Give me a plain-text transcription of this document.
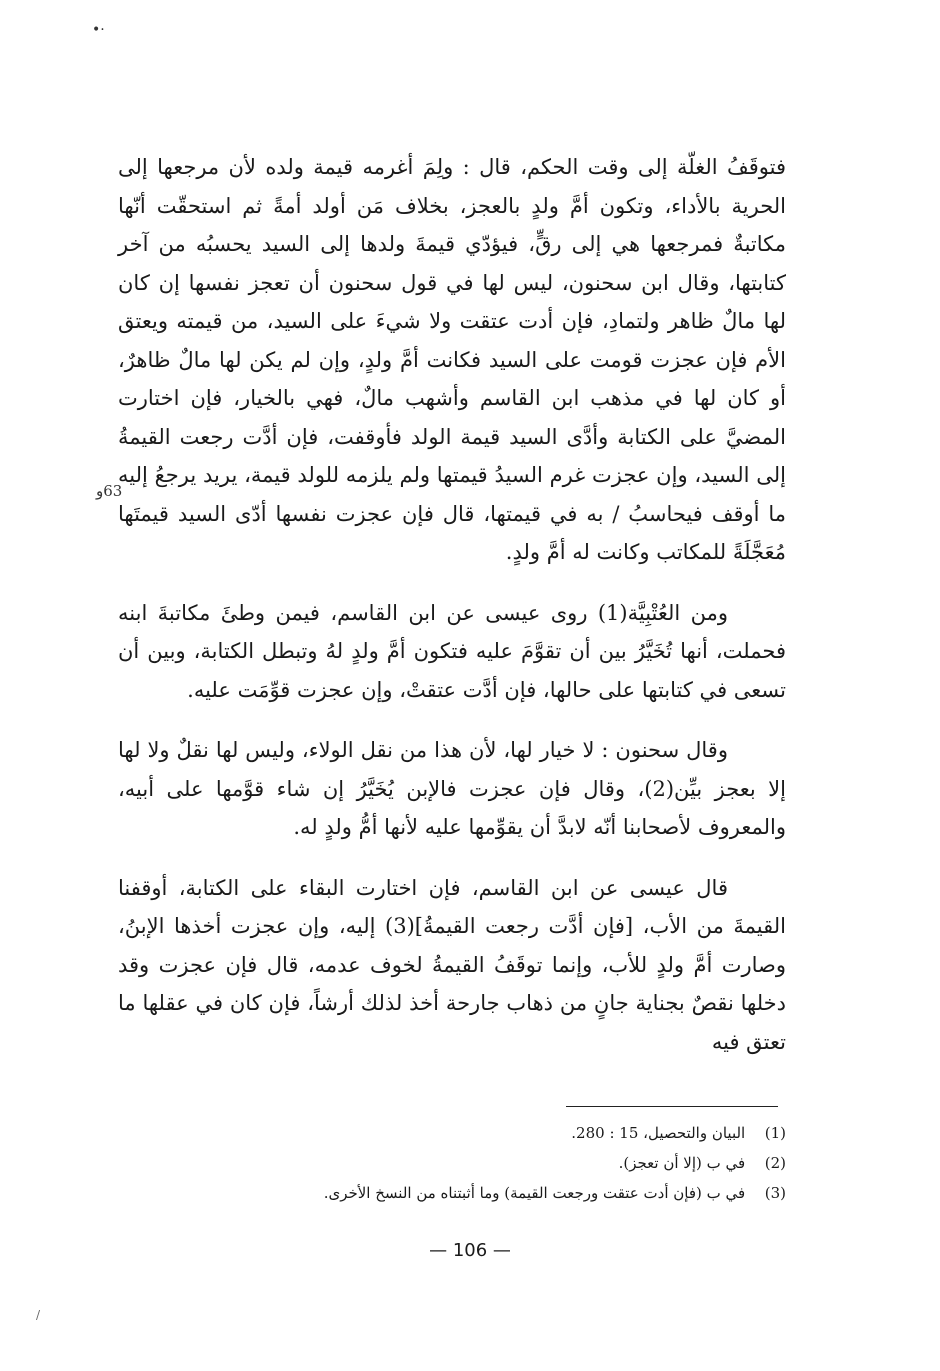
•·

فتوقَفُ الغلّة إلى وقت الحكم، قال : ولِمَ أغرمه قيمة ولده لأن مرجعها إلى الحرية بالأداء، وتكون أمَّ ولدٍ بالعجز، بخلاف مَن أولد أمةً ثم استحقّت أنّها مكاتبةٌ فمرجعها هي إلى رقٍّ، فيؤدّي قيمةَ ولدها إلى السيد يحسبُه من آخر كتابتها، وقال ابن سحنون، ليس لها في قول سحنون أن تعجز نفسها إن كان لها مالٌ ظاهر ولتمادِ، فإن أدت عتقت ولا شيءَ على السيد، من قيمته ويعتق الأم فإن عجزت قومت على السيد فكانت أمَّ ولدٍ، وإن لم يكن لها مالٌ ظاهرٌ، أو كان لها في مذهب ابن القاسم وأشهب مالٌ، فهي بالخيار، فإن اختارت المضيَّ على الكتابة وأدَّى السيد قيمة الولد فأوقفت، فإن أدَّت رجعت القيمةُ إلى السيد، وإن عجزت غرم السيدُ قيمتها ولم يلزمه للولد قيمة، يريد يرجعُ إليه ما أوقف فيحاسبُ / به في قيمتها، قال فإن عجزت نفسها أدّى السيد قيمتَها مُعَجَّلَةً للمكاتب وكانت له أمَّ ولدٍ.

ومن العُتْبِيَّة(1) روى عيسى عن ابن القاسم، فيمن وطئَ مكاتبةَ ابنه فحملت، أنها تُخَيَّرُ بين أن تقوَّمَ عليه فتكون أمَّ ولدٍ لهُ وتبطل الكتابة، وبين أن تسعى في كتابتها على حالها، فإن أدَّت عتقتْ، وإن عجزت قوِّمَت عليه.

وقال سحنون : لا خيار لها، لأن هذا من نقل الولاء، وليس لها نقلٌ ولا لها إلا بعجز بيِّن(2)، وقال فإن عجزت فالإبن يُخَيَّرُ إن شاء قوَّمها على أبيه، والمعروف لأصحابنا أنّه لابدَّ أن يقوِّمها عليه لأنها أمُّ ولدٍ له.

قال عيسى عن ابن القاسم، فإن اختارت البقاء على الكتابة، أوقفنا القيمةَ من الأب، [فإن أدَّت رجعت القيمةُ](3) إليه، وإن عجزت أخذها الإبنُ، وصارت أمَّ ولدٍ للأب، وإنما توقَفُ القيمةُ لخوف عدمه، قال فإن عجزت وقد دخلها نقصٌ بجناية جانٍ من ذهاب جارحة أخذ لذلك أرشاً، فإن كان في عقلها ما تعتق فيه

63و
(1) البيان والتحصيل، 15 : 280.
(2) في ب (إلا أن تعجز).
(3) في ب (فإن أدت عتقت ورجعت القيمة) وما أثبتناه من النسخ الأخرى.
— 106 —
/
